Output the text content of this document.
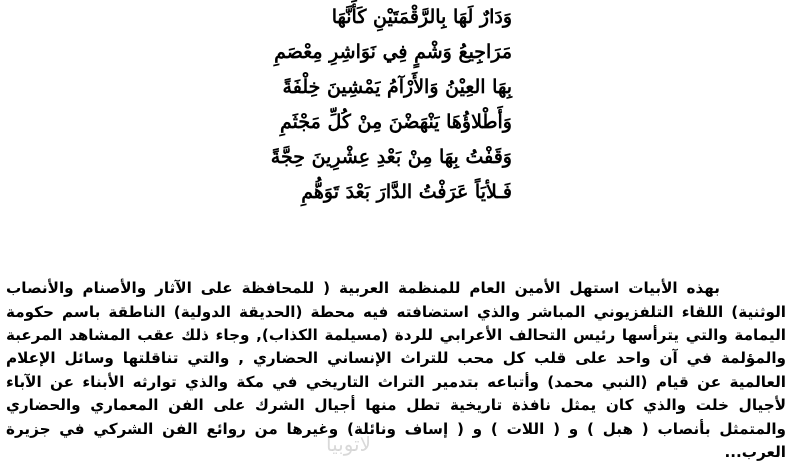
وَدَارٌ لَهَا بِالرَّقْمَتَيْنِ كَأَنَّهَا
مَرَاجِيعُ وَشْمٍ فِي نَوَاشِرِ مِعْصَمِ
بِهَا العِيْنُ وَالأَرْآمُ يَمْشِينَ خِلْفَةً
وَأَطْلاؤُهَا يَنْهَضْنَ مِنْ كُلِّ مَجْثَمِ
وَقَفْتُ بِهَا مِنْ بَعْدِ عِشْرِينَ حِجَّةً
فَـلأيَاً عَرَفْتُ الدَّارَ بَعْدَ تَوَهُّمِ

بهذه الأبيات استهل الأمين العام للمنظمة العربية ( للمحافظة على الآثار والأصنام والأنصاب الوثنية) اللقاء التلفزيوني المباشر والذي استضافته فيه محطة (الحديقة الدولية) الناطقة باسم حكومة اليمامة والتي يترأسها رئيس التحالف الأعرابي للردة (مسيلمة الكذاب), وجاء ذلك عقب المشاهد المرعبة والمؤلمة في آن واحد على قلب كل محب للتراث الإنساني الحضاري , والتي تناقلتها وسائل الإعلام العالمية عن قيام (النبي محمد) وأتباعه بتدمير التراث التاريخي في مكة والذي توارثه الأبناء عن الآباء لأجيال خلت والذي كان يمثل نافذة تاريخية تطل منها أجيال الشرك على الفن المعماري والحضاري والمتمثل بأنصاب ( هبل ) و ( اللات ) و ( إساف ونائلة) وغيرها من روائع الفن الشركي في جزيرة العرب...

لاتوبيا
